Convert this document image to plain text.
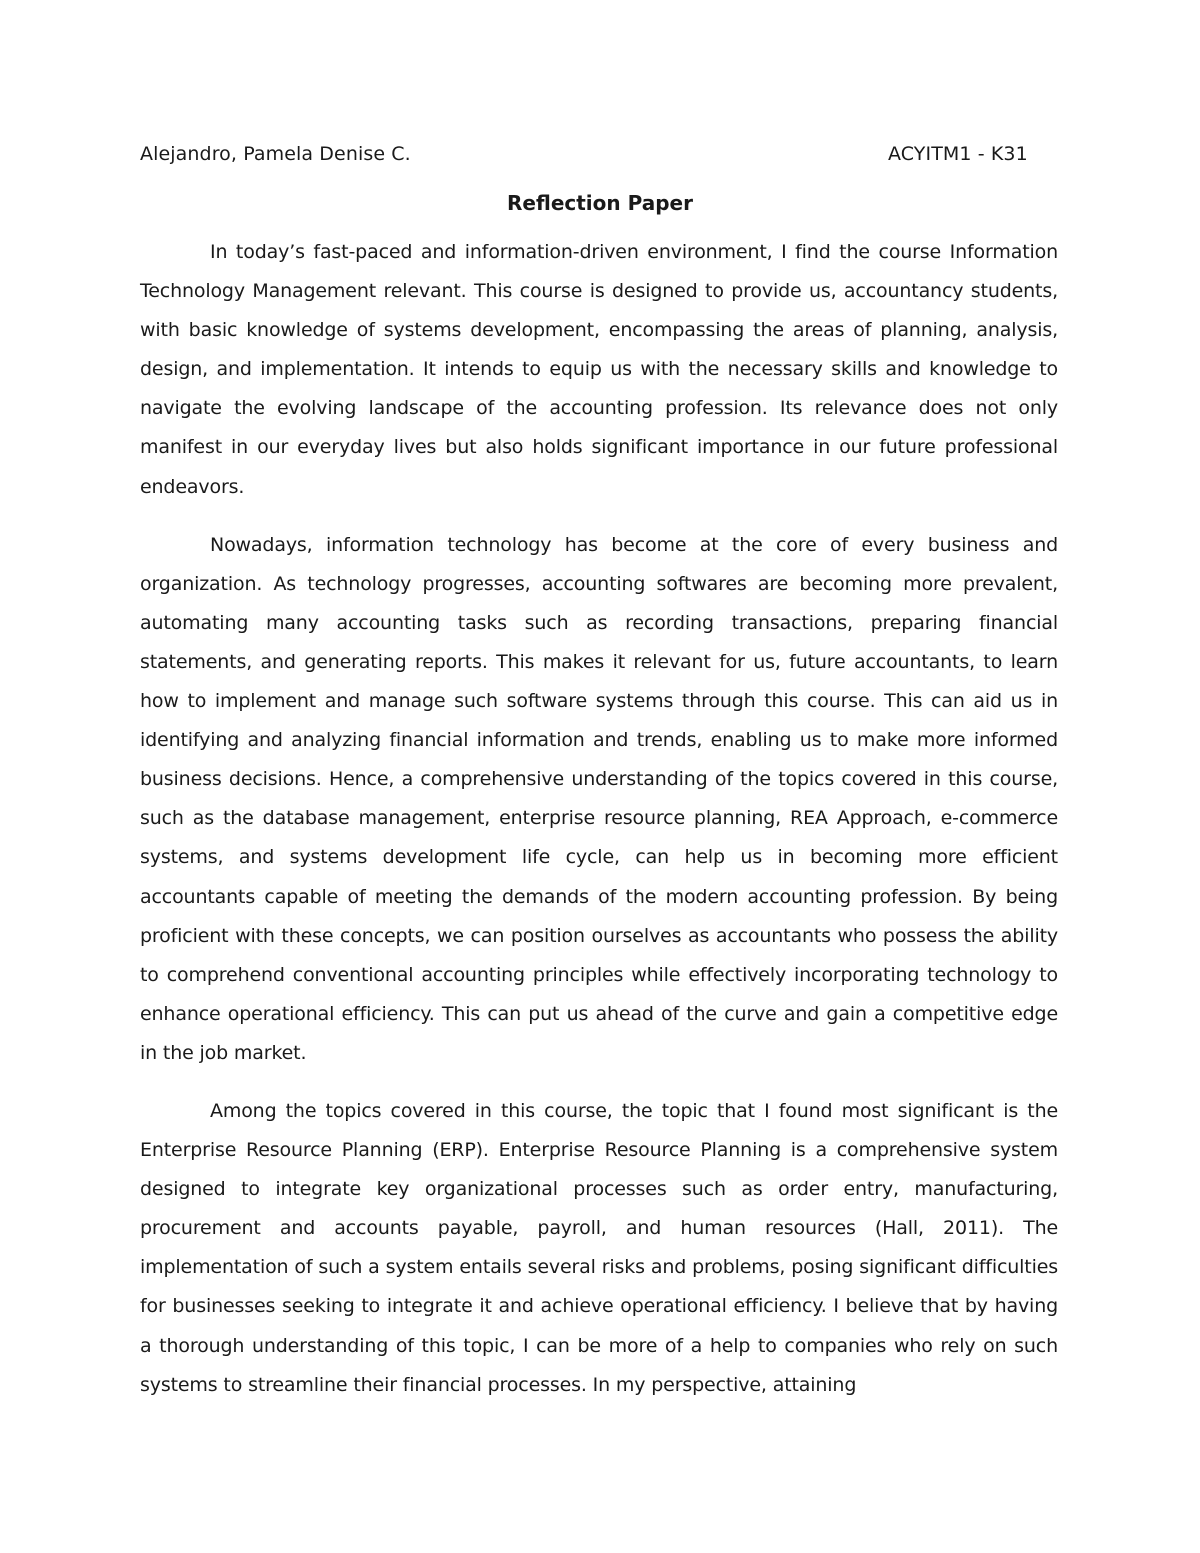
Alejandro, Pamela Denise C.	ACYITM1 - K31
Reflection Paper

In today’s fast-paced and information-driven environment, I find the course Information Technology Management relevant. This course is designed to provide us, accountancy students, with basic knowledge of systems development, encompassing the areas of planning, analysis, design, and implementation. It intends to equip us with the necessary skills and knowledge to navigate the evolving landscape of the accounting profession. Its relevance does not only manifest in our everyday lives but also holds significant importance in our future professional endeavors.

Nowadays, information technology has become at the core of every business and organization. As technology progresses, accounting softwares are becoming more prevalent, automating many accounting tasks such as recording transactions, preparing financial statements, and generating reports. This makes it relevant for us, future accountants, to learn how to implement and manage such software systems through this course. This can aid us in identifying and analyzing financial information and trends, enabling us to make more informed business decisions. Hence, a comprehensive understanding of the topics covered in this course, such as the database management, enterprise resource planning, REA Approach, e-commerce systems, and systems development life cycle, can help us in becoming more efficient accountants capable of meeting the demands of the modern accounting profession. By being proficient with these concepts, we can position ourselves as accountants who possess the ability to comprehend conventional accounting principles while effectively incorporating technology to enhance operational efficiency. This can put us ahead of the curve and gain a competitive edge in the job market.

Among the topics covered in this course, the topic that I found most significant is the Enterprise Resource Planning (ERP). Enterprise Resource Planning is a comprehensive system designed to integrate key organizational processes such as order entry, manufacturing, procurement and accounts payable, payroll, and human resources (Hall, 2011). The implementation of such a system entails several risks and problems, posing significant difficulties for businesses seeking to integrate it and achieve operational efficiency. I believe that by having a thorough understanding of this topic, I can be more of a help to companies who rely on such systems to streamline their financial processes. In my perspective, attaining
